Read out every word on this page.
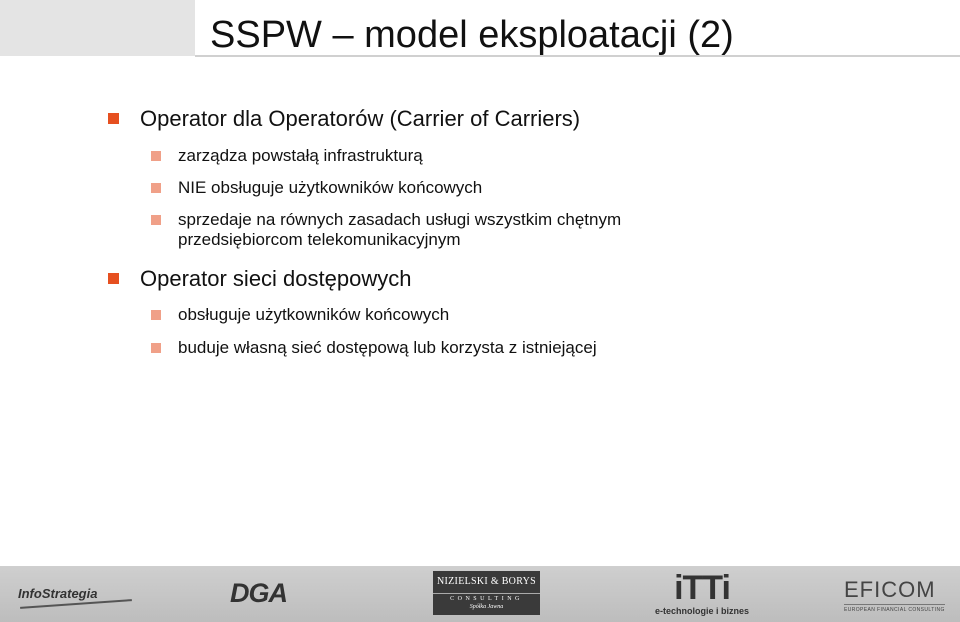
SSPW – model eksploatacji (2)
Operator dla Operatorów (Carrier of Carriers)
zarządza powstałą infrastrukturą
NIE obsługuje użytkowników końcowych
sprzedaje na równych zasadach usługi wszystkim chętnym przedsiębiorcom telekomunikacyjnym
Operator sieci dostępowych
obsługuje użytkowników końcowych
buduje własną sieć dostępową lub korzysta z istniejącej
InfoStrategia	DGA	NIZIELSKI & BORYS
CONSULTING
Spółka Jawna	iTTi
e-technologie i biznes
EFICOM
EUROPEAN FINANCIAL CONSULTING
